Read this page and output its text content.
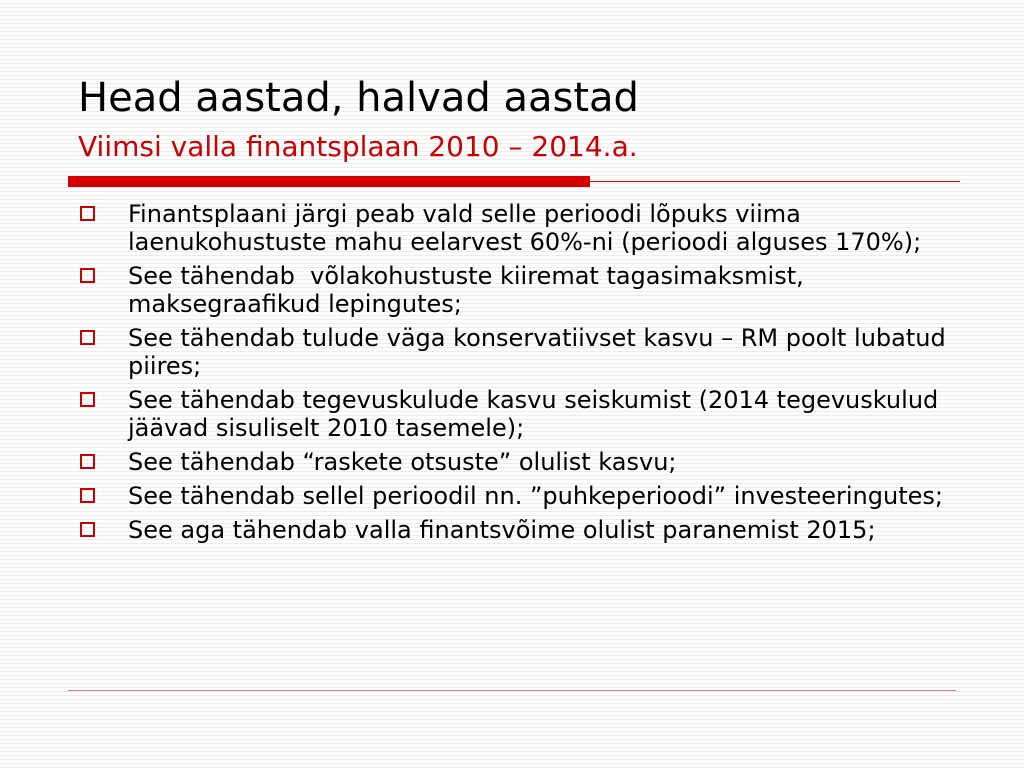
Head aastad, halvad aastad
Viimsi valla finantsplaan 2010 – 2014.a.
Finantsplaani järgi peab vald selle perioodi lõpuks viima laenukohustuste mahu eelarvest 60%-ni (perioodi alguses 170%);
See tähendab  võlakohustuste kiiremat tagasimaksmist, maksegraafikud lepingutes;
See tähendab tulude väga konservatiivset kasvu – RM poolt lubatud piires;
See tähendab tegevuskulude kasvu seiskumist (2014 tegevuskulud jäävad sisuliselt 2010 tasemele);
See tähendab “raskete otsuste” olulist kasvu;
See tähendab sellel perioodil nn. ”puhkeperioodi” investeeringutes;
See aga tähendab valla finantsvõime olulist paranemist 2015;
